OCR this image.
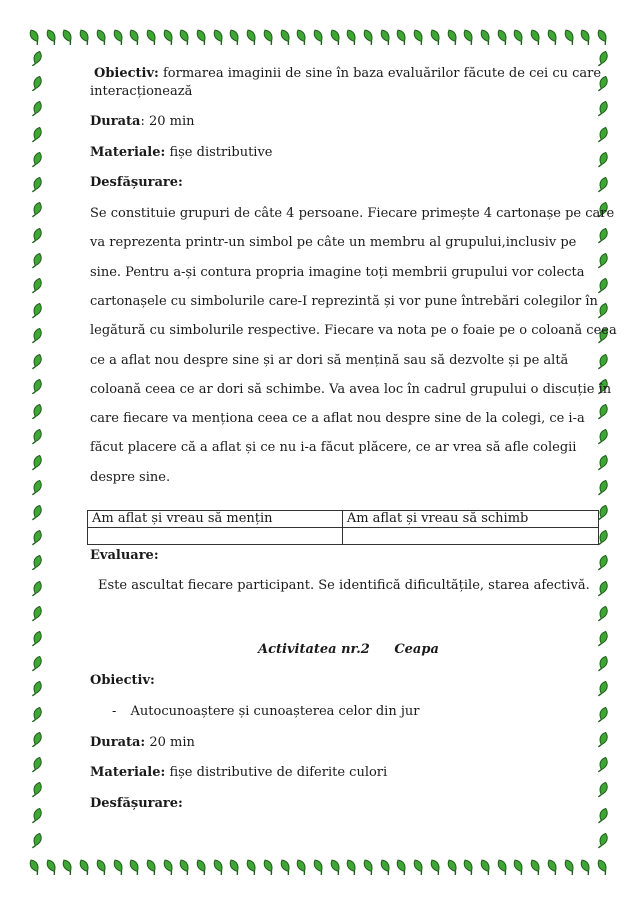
Obiectiv: formarea imaginii de sine în baza evaluărilor făcute de cei cu care
interacționează
Durata: 20 min
Materiale: fișe distributive
Desfășurare:
Se constituie grupuri de câte 4 persoane. Fiecare primește 4 cartonașe pe care
va reprezenta printr-un simbol pe câte un membru al grupului,inclusiv pe
sine. Pentru a-și contura propria imagine toți membrii grupului vor colecta
cartonașele cu simbolurile care-I reprezintă și vor pune întrebări colegilor în
legătură cu simbolurile respective. Fiecare va nota pe o foaie pe o coloană ceea
ce a aflat nou despre sine și ar dori să mențină sau să dezvolte și pe altă
coloană ceea ce ar dori să schimbe. Va avea loc în cadrul grupului o discuție în
care fiecare va menționa ceea ce a aflat nou despre sine de la colegi, ce i-a
făcut placere că a aflat și ce nu i-a făcut plăcere, ce ar vrea să afle colegii
despre sine.
Am aflat și vreau să mențin	Am aflat și vreau să schimb

Evaluare:
Este ascultat fiecare participant. Se identifică dificultățile, starea afectivă.
Activitatea nr.2 Ceapa
Obiectiv:
- Autocunoaștere și cunoașterea celor din jur
Durata: 20 min
Materiale: fișe distributive de diferite culori
Desfășurare:
